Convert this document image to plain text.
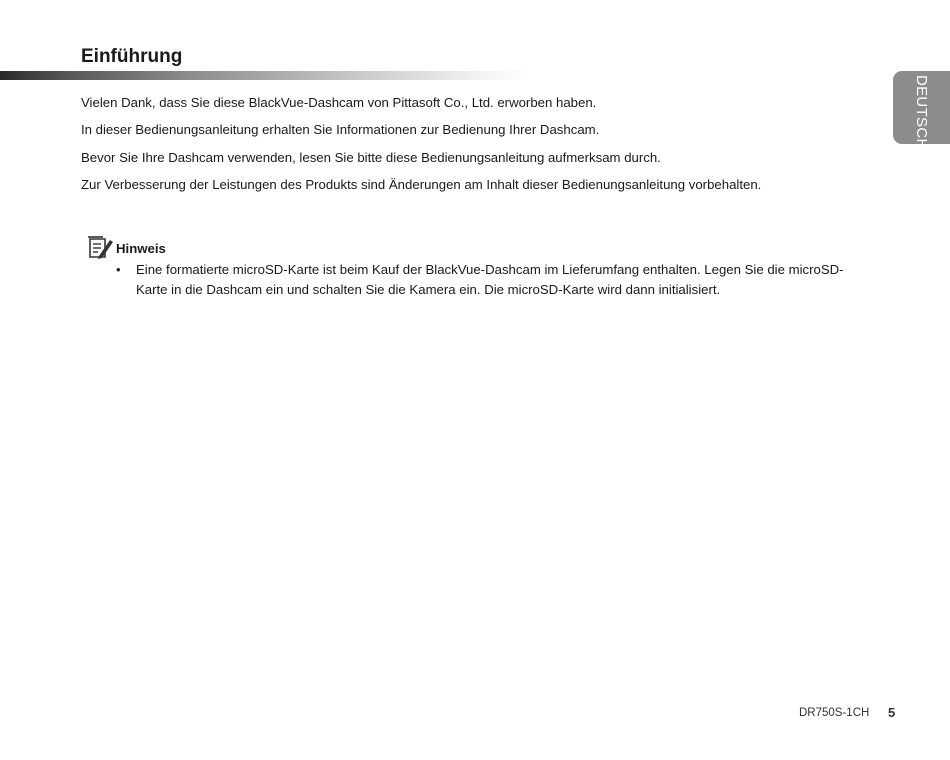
Einführung
DEUTSCH

Vielen Dank, dass Sie diese BlackVue-Dashcam von Pittasoft Co., Ltd. erworben haben.

In dieser Bedienungsanleitung erhalten Sie Informationen zur Bedienung Ihrer Dashcam.

Bevor Sie Ihre Dashcam verwenden, lesen Sie bitte diese Bedienungsanleitung aufmerksam durch.

Zur Verbesserung der Leistungen des Produkts sind Änderungen am Inhalt dieser Bedienungsanleitung vorbehalten.

Hinweis
• Eine formatierte microSD-Karte ist beim Kauf der BlackVue-Dashcam im Lieferumfang enthalten. Legen Sie die microSD-Karte in die Dashcam ein und schalten Sie die Kamera ein. Die microSD-Karte wird dann initialisiert.

DR750S-1CH 5
